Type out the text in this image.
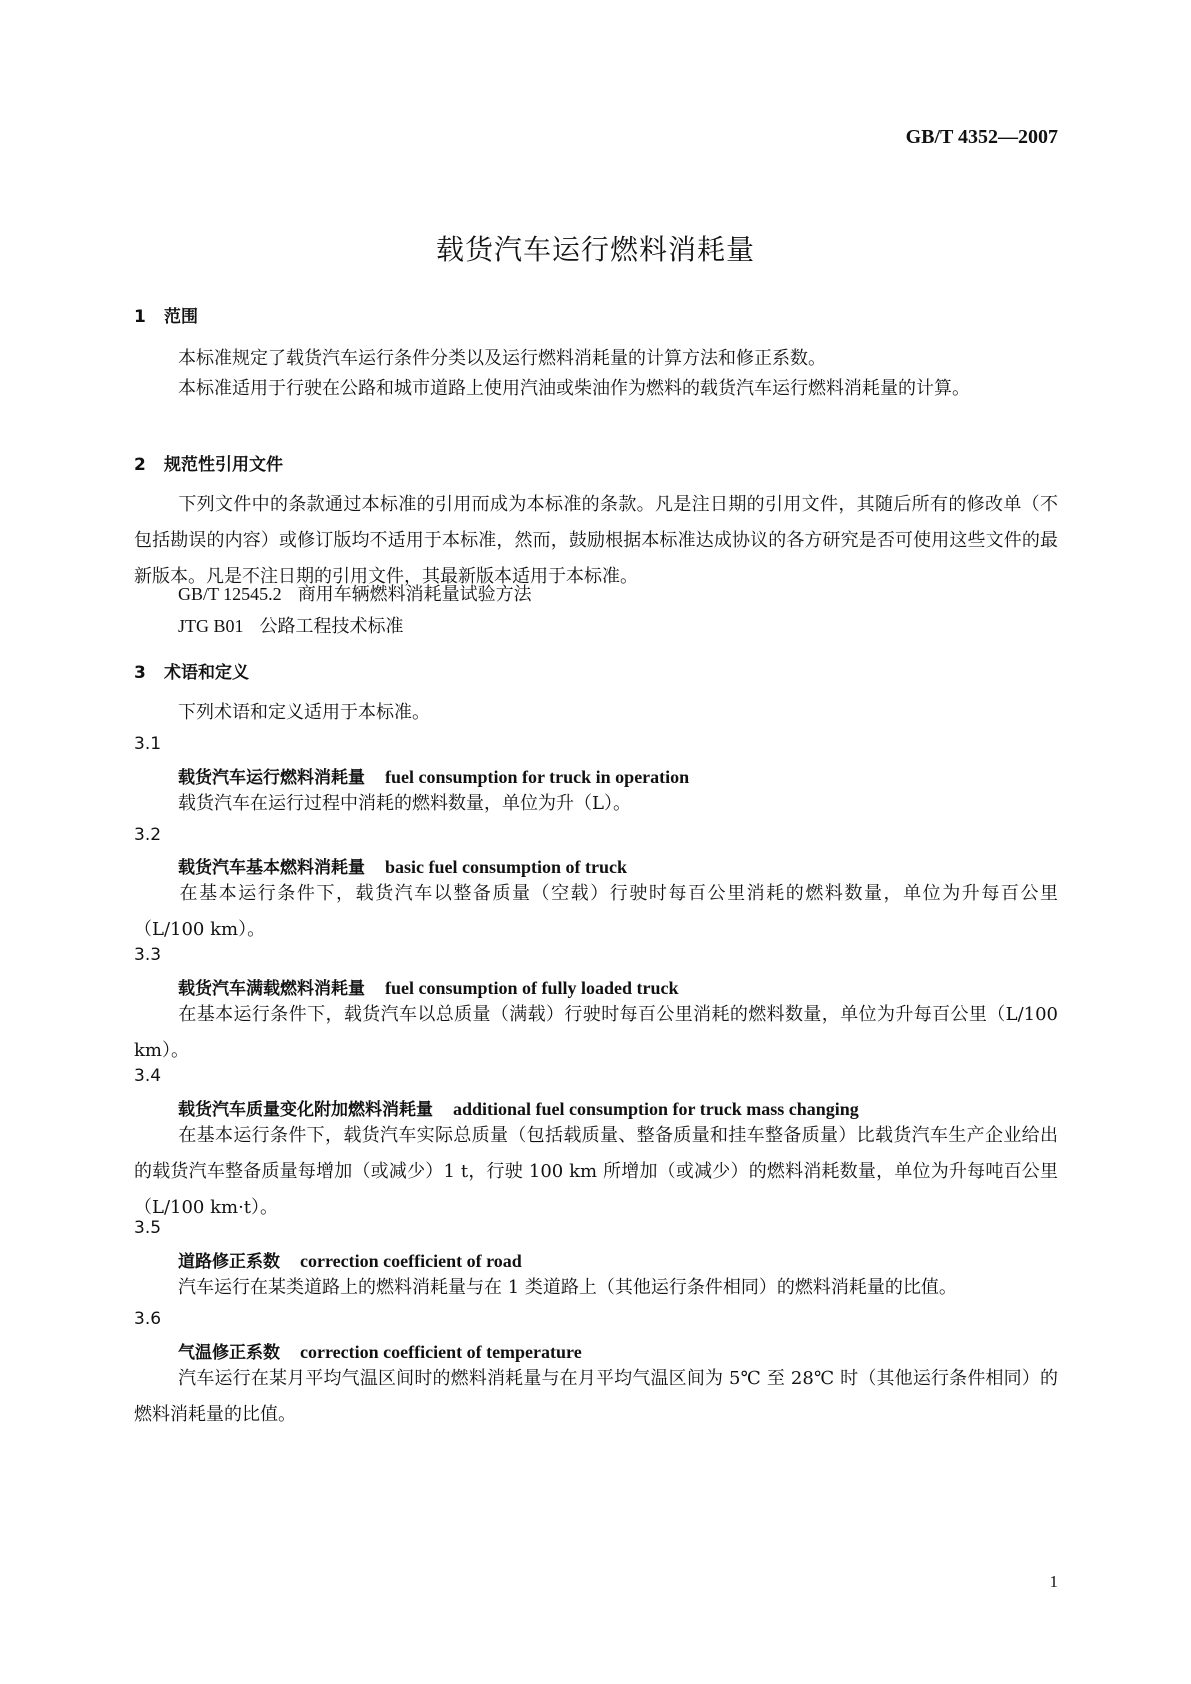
GB/T 4352—2007
载货汽车运行燃料消耗量
1 范围
本标准规定了载货汽车运行条件分类以及运行燃料消耗量的计算方法和修正系数。
本标准适用于行驶在公路和城市道路上使用汽油或柴油作为燃料的载货汽车运行燃料消耗量的计算。
2 规范性引用文件
下列文件中的条款通过本标准的引用而成为本标准的条款。凡是注日期的引用文件，其随后所有的修改单（不包括勘误的内容）或修订版均不适用于本标准，然而，鼓励根据本标准达成协议的各方研究是否可使用这些文件的最新版本。凡是不注日期的引用文件，其最新版本适用于本标准。
GB/T 12545.2 商用车辆燃料消耗量试验方法
JTG B01 公路工程技术标准
3 术语和定义
下列术语和定义适用于本标准。
3.1
载货汽车运行燃料消耗量 fuel consumption for truck in operation
载货汽车在运行过程中消耗的燃料数量，单位为升（L）。
3.2
载货汽车基本燃料消耗量 basic fuel consumption of truck
在基本运行条件下，载货汽车以整备质量（空载）行驶时每百公里消耗的燃料数量，单位为升每百公里（L/100 km）。
3.3
载货汽车满载燃料消耗量 fuel consumption of fully loaded truck
在基本运行条件下，载货汽车以总质量（满载）行驶时每百公里消耗的燃料数量，单位为升每百公里（L/100 km）。
3.4
载货汽车质量变化附加燃料消耗量 additional fuel consumption for truck mass changing
在基本运行条件下，载货汽车实际总质量（包括载质量、整备质量和挂车整备质量）比载货汽车生产企业给出的载货汽车整备质量每增加（或减少）1 t，行驶 100 km 所增加（或减少）的燃料消耗数量，单位为升每吨百公里（L/100 km·t）。
3.5
道路修正系数 correction coefficient of road
汽车运行在某类道路上的燃料消耗量与在 1 类道路上（其他运行条件相同）的燃料消耗量的比值。
3.6
气温修正系数 correction coefficient of temperature
汽车运行在某月平均气温区间时的燃料消耗量与在月平均气温区间为 5℃ 至 28℃ 时（其他运行条件相同）的燃料消耗量的比值。
1
